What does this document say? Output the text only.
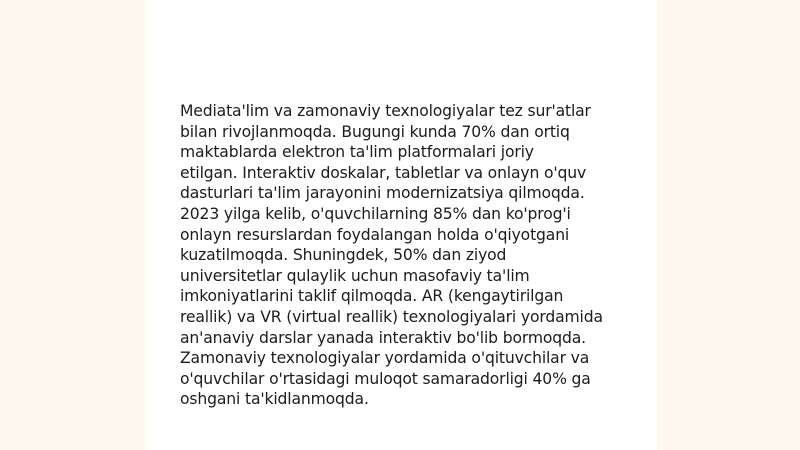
Mediata'lim va zamonaviy texnologiyalar tez sur'atlar
bilan rivojlanmoqda. Bugungi kunda 70% dan ortiq
maktablarda elektron ta'lim platformalari joriy
etilgan. Interaktiv doskalar, tabletlar va onlayn o'quv
dasturlari ta'lim jarayonini modernizatsiya qilmoqda.
2023 yilga kelib, o'quvchilarning 85% dan ko'prog'i
onlayn resurslardan foydalangan holda o'qiyotgani
kuzatilmoqda. Shuningdek, 50% dan ziyod
universitetlar qulaylik uchun masofaviy ta'lim
imkoniyatlarini taklif qilmoqda. AR (kengaytirilgan
reallik) va VR (virtual reallik) texnologiyalari yordamida
an'anaviy darslar yanada interaktiv bo'lib bormoqda.
Zamonaviy texnologiyalar yordamida o'qituvchilar va
o'quvchilar o'rtasidagi muloqot samaradorligi 40% ga
oshgani ta'kidlanmoqda.
